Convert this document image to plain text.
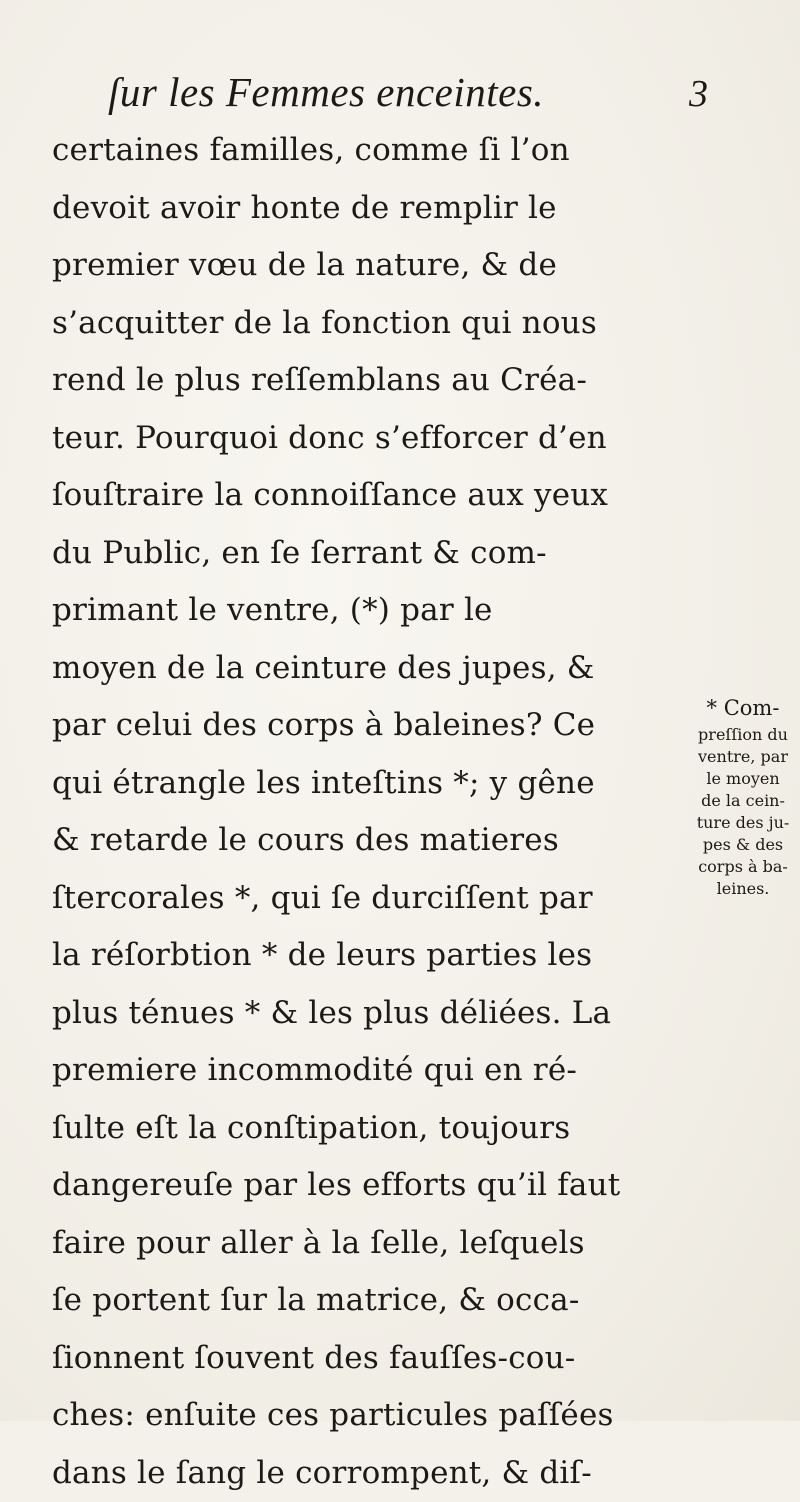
ſur les Femmes enceintes.	3
certaines familles, comme ſi l’on
devoit avoir honte de remplir le
premier vœu de la nature, & de
s’acquitter de la fonction qui nous
rend le plus reſſemblans au Créa-
teur. Pourquoi donc s’efforcer d’en
ſouſtraire la connoiſſance aux yeux
du Public, en ſe ſerrant & com-
primant le ventre, (*) par le
moyen de la ceinture des jupes, &
par celui des corps à baleines? Ce
qui étrangle les inteſtins *; y gêne
& retarde le cours des matieres
ſtercorales *, qui ſe durciſſent par
la réſorbtion * de leurs parties les
plus ténues * & les plus déliées. La
premiere incommodité qui en ré-
ſulte eſt la conſtipation, toujours
dangereuſe par les efforts qu’il faut
faire pour aller à la ſelle, leſquels
ſe portent ſur la matrice, & occa-
ſionnent ſouvent des fauſſes-cou-
ches: enſuite ces particules paſſées
dans le ſang le corrompent, & diſ-
* Com-
preſſion du
ventre, par
le moyen
de la cein-
ture des ju-
pes & des
corps à ba-
leines.
